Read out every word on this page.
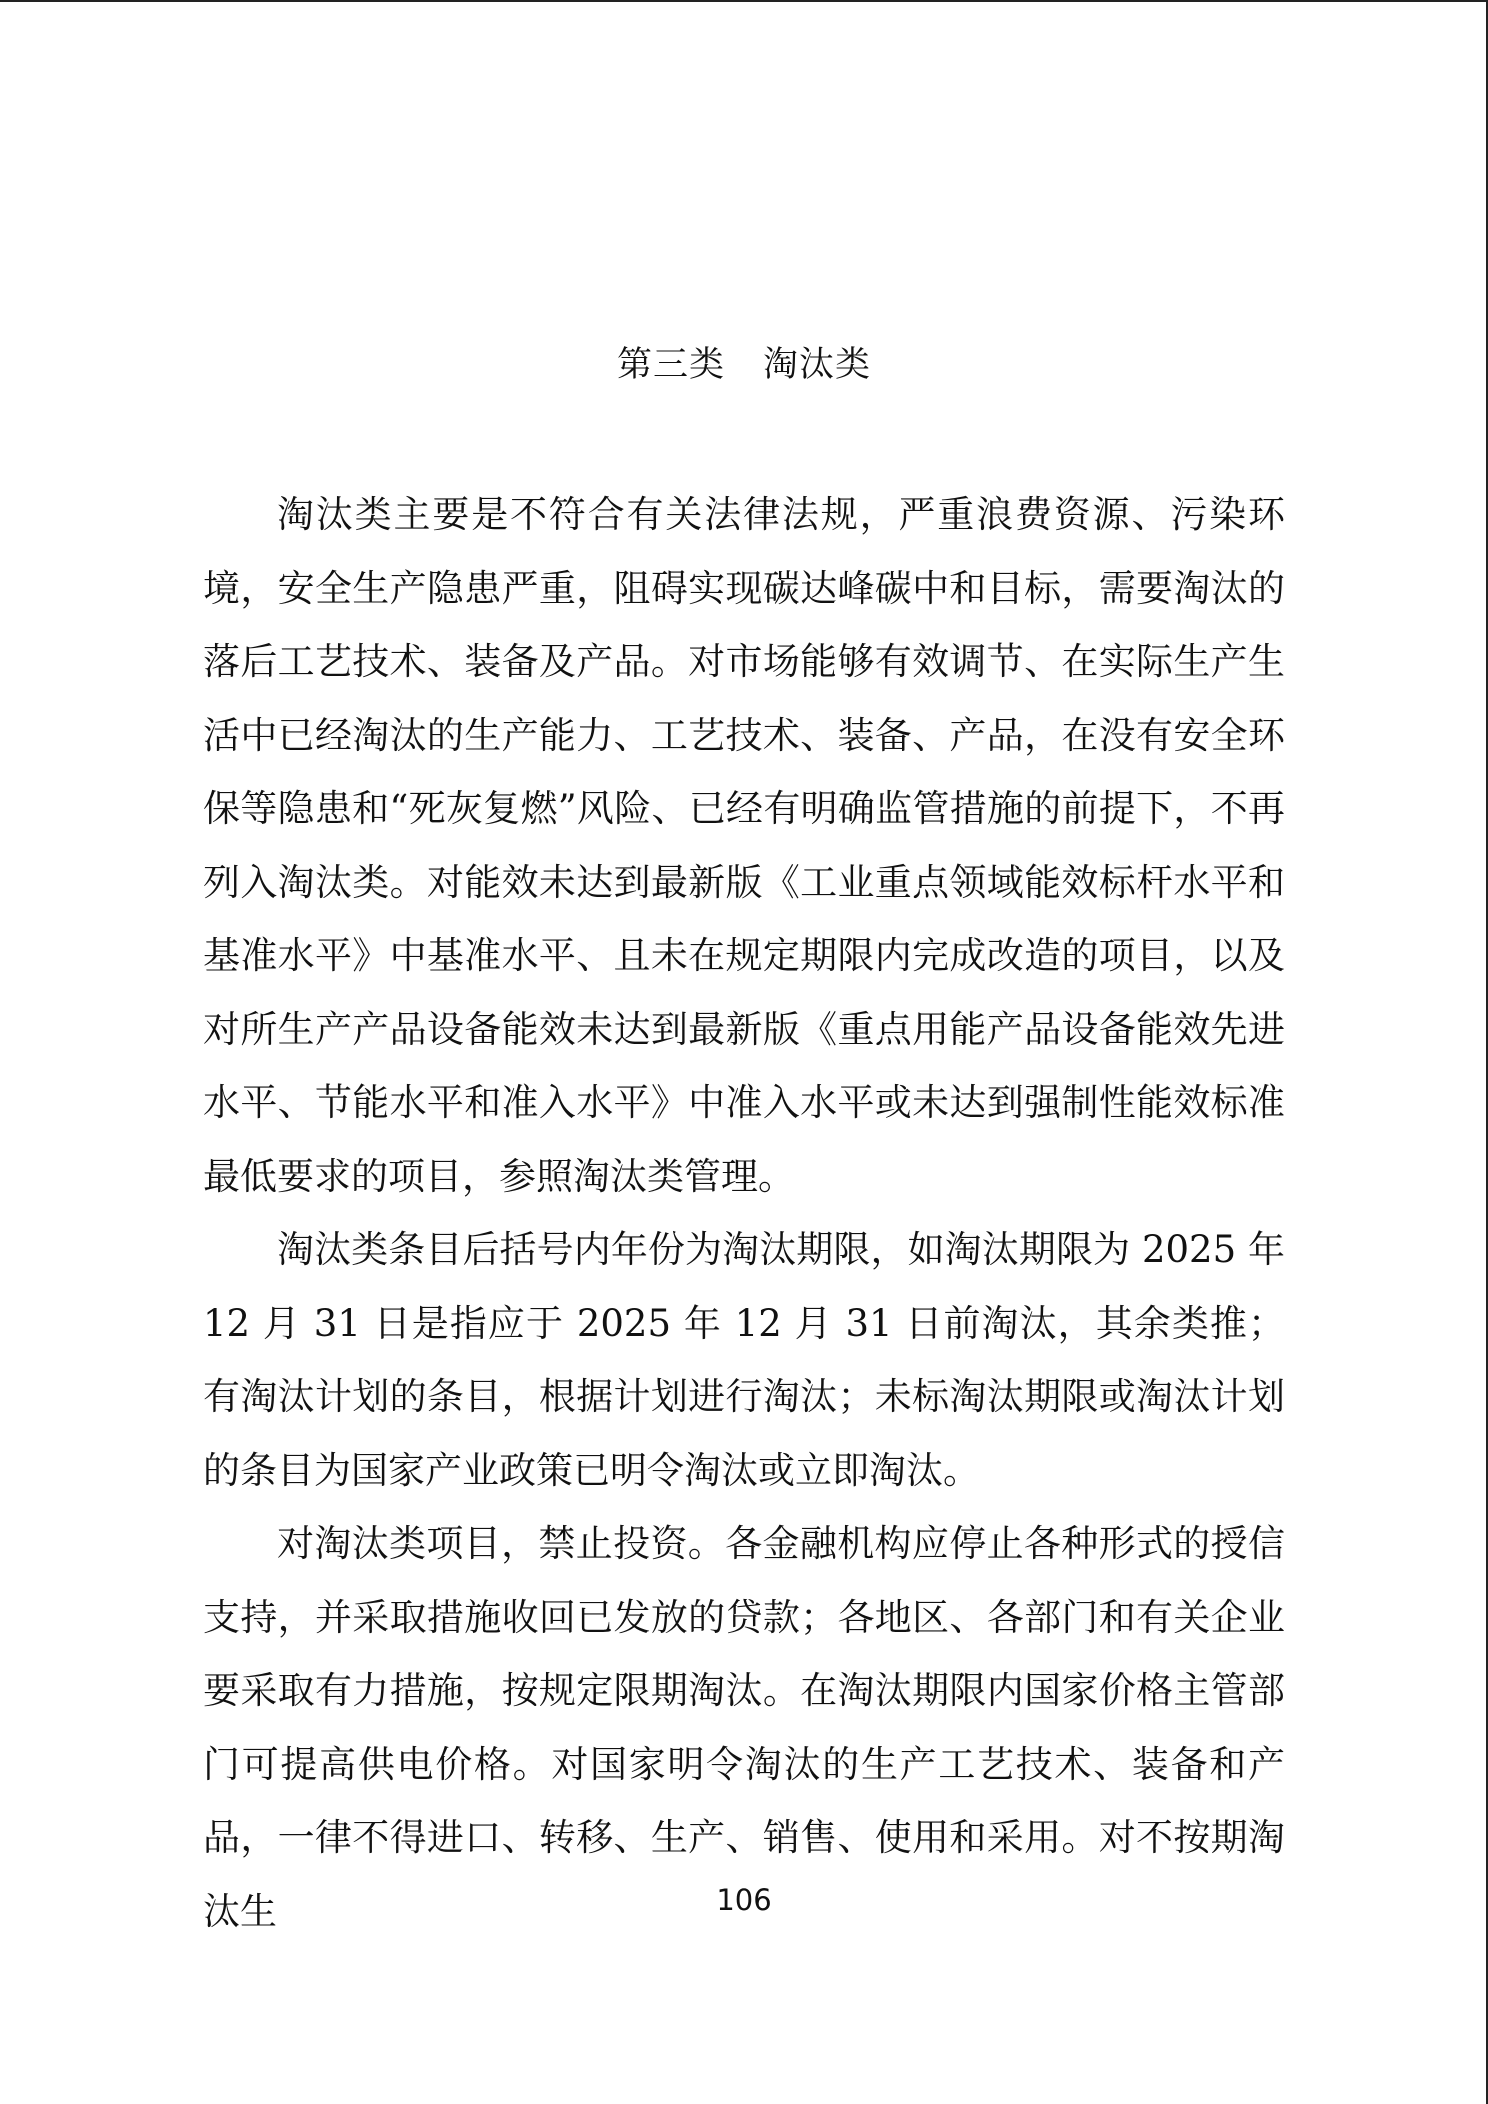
第三类 淘汰类

淘汰类主要是不符合有关法律法规，严重浪费资源、污染环境，安全生产隐患严重，阻碍实现碳达峰碳中和目标，需要淘汰的落后工艺技术、装备及产品。对市场能够有效调节、在实际生产生活中已经淘汰的生产能力、工艺技术、装备、产品，在没有安全环保等隐患和“死灰复燃”风险、已经有明确监管措施的前提下，不再列入淘汰类。对能效未达到最新版《工业重点领域能效标杆水平和基准水平》中基准水平、且未在规定期限内完成改造的项目，以及对所生产产品设备能效未达到最新版《重点用能产品设备能效先进水平、节能水平和准入水平》中准入水平或未达到强制性能效标准最低要求的项目，参照淘汰类管理。

淘汰类条目后括号内年份为淘汰期限，如淘汰期限为 2025 年 12 月 31 日是指应于 2025 年 12 月 31 日前淘汰，其余类推；有淘汰计划的条目，根据计划进行淘汰；未标淘汰期限或淘汰计划的条目为国家产业政策已明令淘汰或立即淘汰。

对淘汰类项目，禁止投资。各金融机构应停止各种形式的授信支持，并采取措施收回已发放的贷款；各地区、各部门和有关企业要采取有力措施，按规定限期淘汰。在淘汰期限内国家价格主管部门可提高供电价格。对国家明令淘汰的生产工艺技术、装备和产品，一律不得进口、转移、生产、销售、使用和采用。对不按期淘汰生	106
